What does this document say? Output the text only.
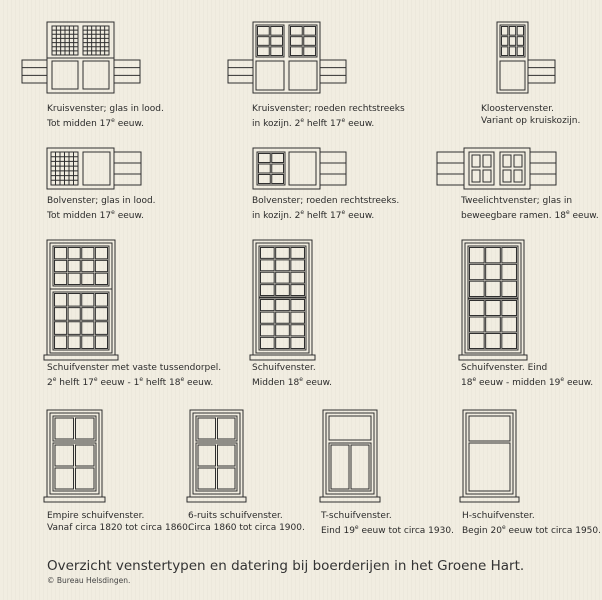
Kruisvenster; glas in lood.
Tot midden 17e eeuw.
Kruisvenster; roeden rechtstreeks
in kozijn. 2e helft 17e eeuw.
Kloostervenster.
Variant op kruiskozijn.
Bolvenster; glas in lood.
Tot midden 17e eeuw.
Bolvenster; roeden rechtstreeks.
in kozijn. 2e helft 17e eeuw.
Tweelichtvenster; glas in
beweegbare ramen. 18e eeuw.
Schuifvenster met vaste tussendorpel.
2e helft 17e eeuw - 1e helft 18e eeuw.
Schuifvenster.
Midden 18e eeuw.
Schuifvenster. Eind
18e eeuw - midden 19e eeuw.
Empire schuifvenster.
Vanaf circa 1820 tot circa 1860.
6-ruits schuifvenster.
Circa 1860 tot circa 1900.
T-schuifvenster.
Eind 19e eeuw tot circa 1930.
H-schuifvenster.
Begin 20e eeuw tot circa 1950.
Overzicht venstertypen en datering bij boerderijen in het Groene Hart.
© Bureau Helsdingen.
